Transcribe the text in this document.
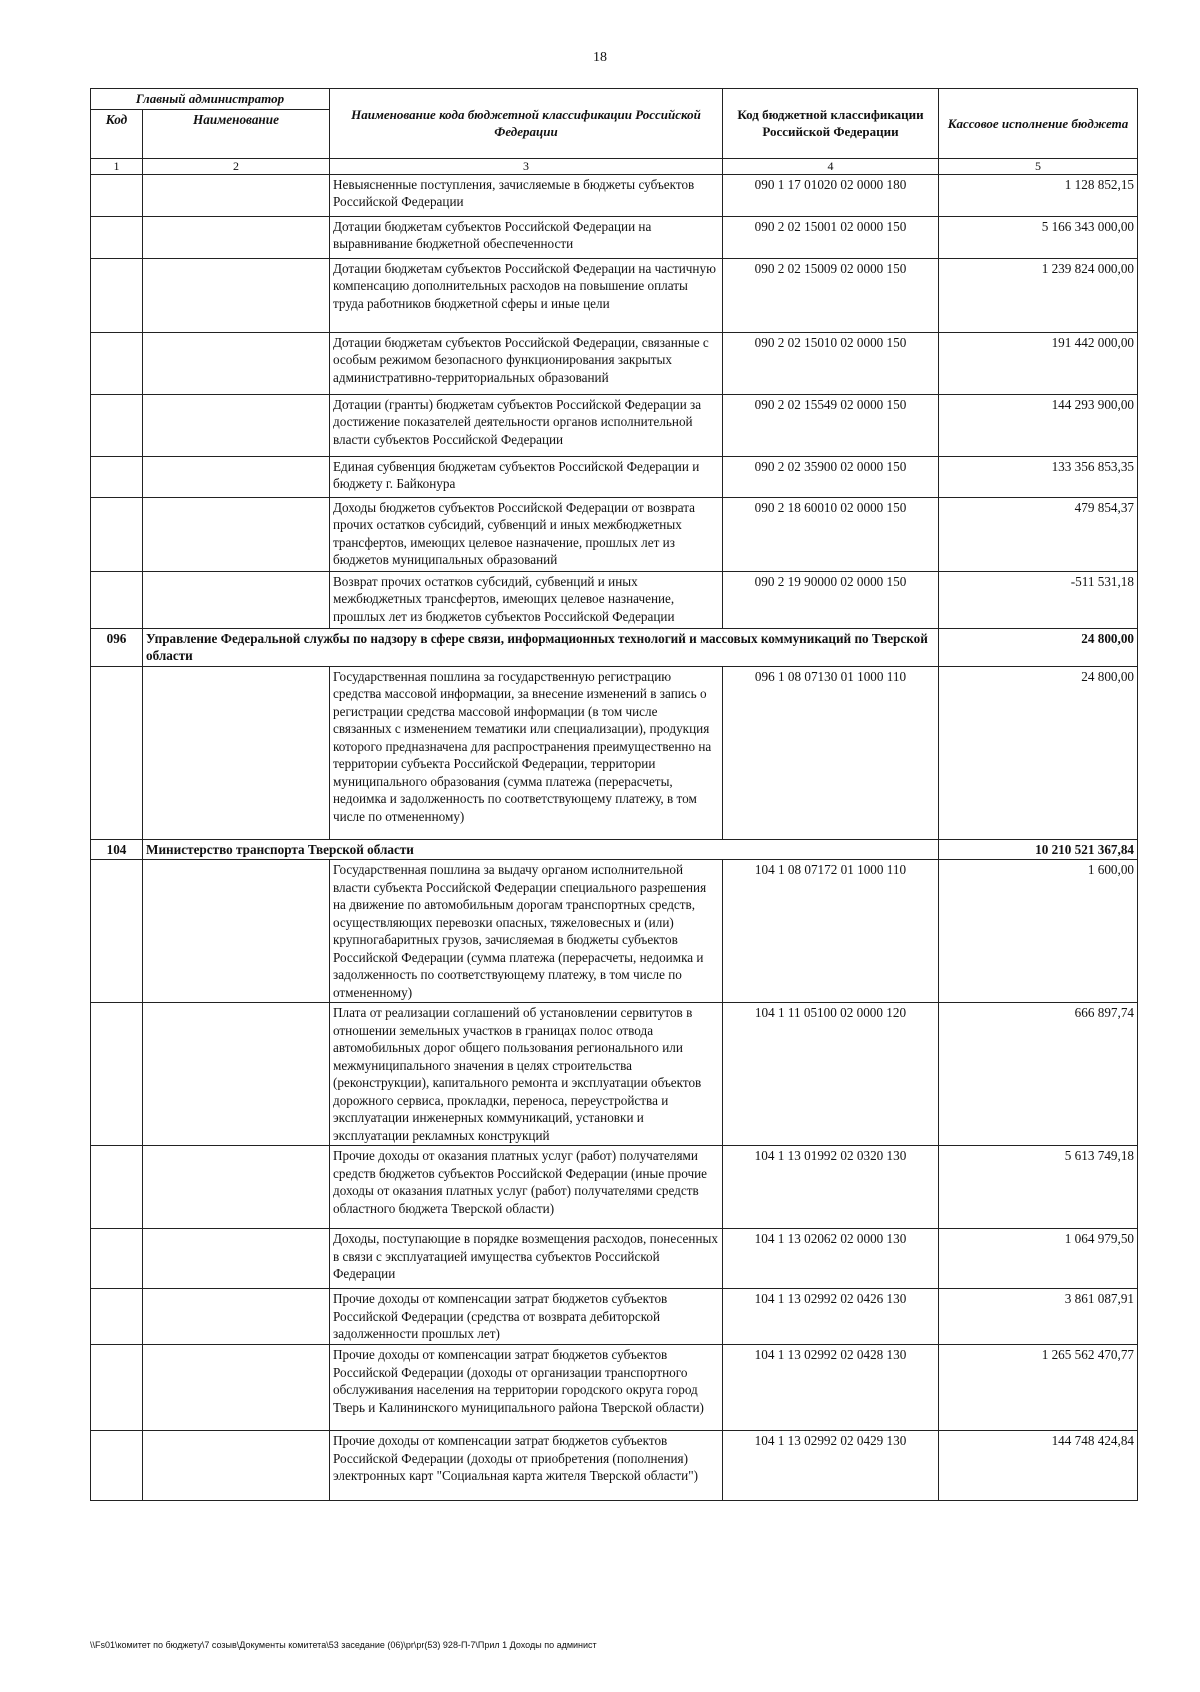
18
Главный администратор		Наименование кода бюджетной классификации Российской Федерации	Код бюджетной классификации Российской Федерации	Кассовое исполнение бюджета
Код	Наименование			
1	2	3	4	5
		Невыясненные поступления, зачисляемые в бюджеты субъектов Российской Федерации	090 1 17 01020 02 0000 180	1 128 852,15
		Дотации бюджетам субъектов Российской Федерации на выравнивание бюджетной обеспеченности	090 2 02 15001 02 0000 150	5 166 343 000,00
		Дотации бюджетам субъектов Российской Федерации на частичную компенсацию дополнительных расходов на повышение оплаты труда работников бюджетной сферы и иные цели	090 2 02 15009 02 0000 150	1 239 824 000,00
		Дотации бюджетам субъектов Российской Федерации, связанные с особым режимом безопасного функционирования закрытых административно-территориальных образований	090 2 02 15010 02 0000 150	191 442 000,00
		Дотации (гранты) бюджетам субъектов Российской Федерации за достижение показателей деятельности органов исполнительной власти субъектов Российской Федерации	090 2 02 15549 02 0000 150	144 293 900,00
		Единая субвенция бюджетам субъектов Российской Федерации и бюджету г. Байконура	090 2 02 35900 02 0000 150	133 356 853,35
		Доходы бюджетов субъектов Российской Федерации от возврата прочих остатков субсидий, субвенций и иных межбюджетных трансфертов, имеющих целевое назначение, прошлых лет из бюджетов муниципальных образований	090 2 18 60010 02 0000 150	479 854,37
		Возврат прочих остатков субсидий, субвенций и иных межбюджетных трансфертов, имеющих целевое назначение, прошлых лет из бюджетов субъектов Российской Федерации	090 2 19 90000 02 0000 150	-511 531,18
096	Управление Федеральной службы по надзору в сфере связи, информационных технологий и массовых коммуникаций по Тверской области			24 800,00
		Государственная пошлина за государственную регистрацию средства массовой информации, за внесение изменений в запись о регистрации средства массовой информации (в том числе связанных с изменением тематики или специализации), продукция которого предназначена для распространения преимущественно на территории субъекта Российской Федерации, территории муниципального образования (сумма платежа (перерасчеты, недоимка и задолженность по соответствующему платежу, в том числе по отмененному)	096 1 08 07130 01 1000 110	24 800,00
104	Министерство транспорта Тверской области			10 210 521 367,84
		Государственная пошлина за выдачу органом исполнительной власти субъекта Российской Федерации специального разрешения на движение по автомобильным дорогам транспортных средств, осуществляющих перевозки опасных, тяжеловесных и (или) крупногабаритных грузов, зачисляемая в бюджеты субъектов Российской Федерации (сумма платежа (перерасчеты, недоимка и задолженность по соответствующему платежу, в том числе по отмененному)	104 1 08 07172 01 1000 110	1 600,00
		Плата от реализации соглашений об установлении сервитутов в отношении земельных участков в границах полос отвода автомобильных дорог общего пользования регионального или межмуниципального значения в целях строительства (реконструкции), капитального ремонта и эксплуатации объектов дорожного сервиса, прокладки, переноса, переустройства и эксплуатации инженерных коммуникаций, установки и эксплуатации рекламных конструкций	104 1 11 05100 02 0000 120	666 897,74
		Прочие доходы от оказания платных услуг (работ) получателями средств бюджетов субъектов Российской Федерации (иные прочие доходы от оказания платных услуг (работ) получателями средств областного бюджета Тверской области)	104 1 13 01992 02 0320 130	5 613 749,18
		Доходы, поступающие в порядке возмещения расходов, понесенных в связи с эксплуатацией имущества субъектов Российской Федерации	104 1 13 02062 02 0000 130	1 064 979,50
		Прочие доходы от компенсации затрат бюджетов субъектов Российской Федерации (средства от возврата дебиторской задолженности прошлых лет)	104 1 13 02992 02 0426 130	3 861 087,91
		Прочие доходы от компенсации затрат бюджетов субъектов Российской Федерации (доходы от организации транспортного обслуживания населения на территории городского округа город Тверь и Калининского муниципального района Тверской области)	104 1 13 02992 02 0428 130	1 265 562 470,77
		Прочие доходы от компенсации затрат бюджетов субъектов Российской Федерации (доходы от приобретения (пополнения) электронных карт "Социальная карта жителя Тверской области")	104 1 13 02992 02 0429 130	144 748 424,84
\\Fs01\комитет по бюджету\7 созыв\Документы комитета\53 заседание (06)\pr\pr(53) 928-П-7\Прил 1 Доходы по админист
